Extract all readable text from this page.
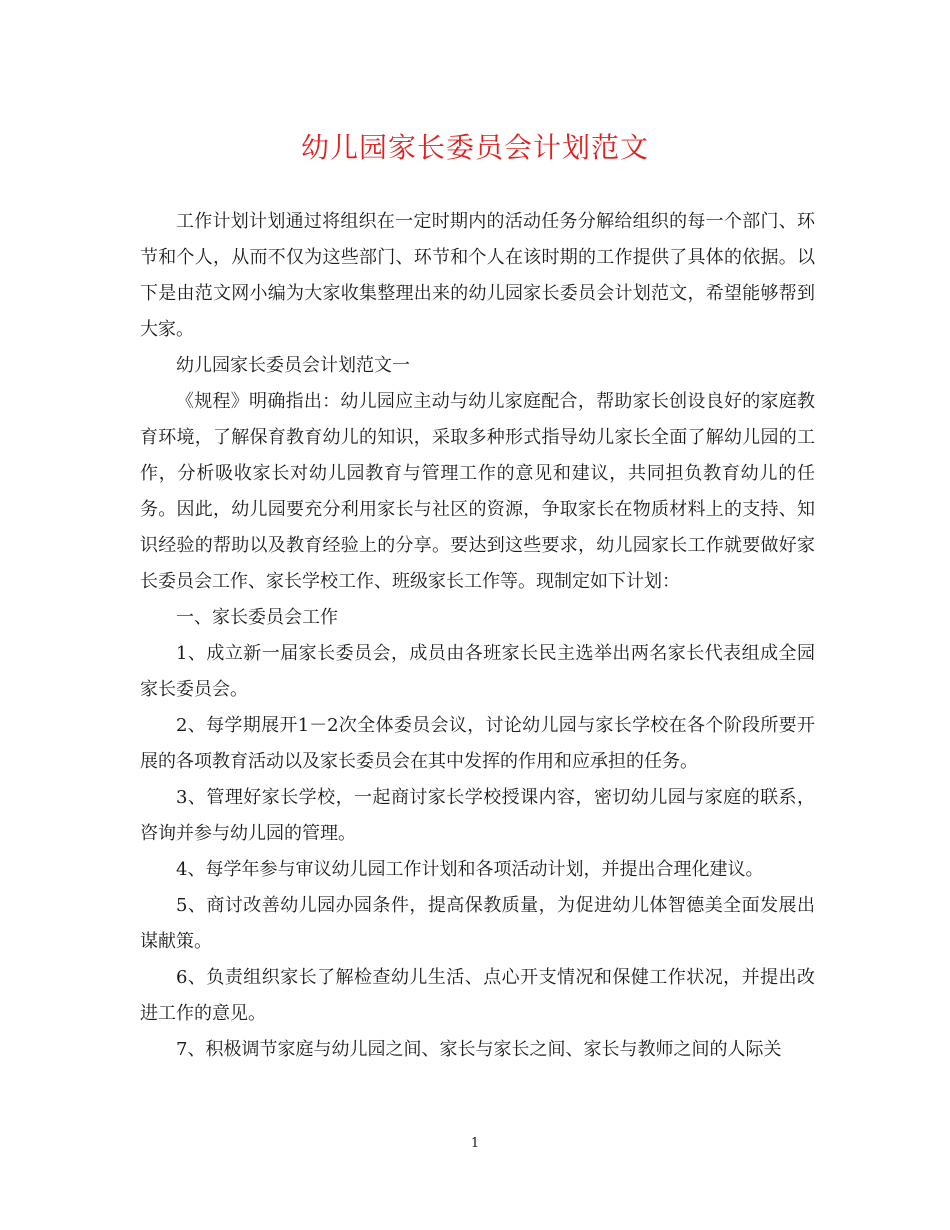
幼儿园家长委员会计划范文

工作计划计划通过将组织在一定时期内的活动任务分解给组织的每一个部门、环节和个人，从而不仅为这些部门、环节和个人在该时期的工作提供了具体的依据。以下是由范文网小编为大家收集整理出来的幼儿园家长委员会计划范文，希望能够帮到大家。

幼儿园家长委员会计划范文一

《规程》明确指出：幼儿园应主动与幼儿家庭配合，帮助家长创设良好的家庭教育环境，了解保育教育幼儿的知识，采取多种形式指导幼儿家长全面了解幼儿园的工作，分析吸收家长对幼儿园教育与管理工作的意见和建议，共同担负教育幼儿的任务。因此，幼儿园要充分利用家长与社区的资源，争取家长在物质材料上的支持、知识经验的帮助以及教育经验上的分享。要达到这些要求，幼儿园家长工作就要做好家长委员会工作、家长学校工作、班级家长工作等。现制定如下计划：

一、家长委员会工作

1、成立新一届家长委员会，成员由各班家长民主选举出两名家长代表组成全园家长委员会。

2、每学期展开1－2次全体委员会议，讨论幼儿园与家长学校在各个阶段所要开展的各项教育活动以及家长委员会在其中发挥的作用和应承担的任务。

3、管理好家长学校，一起商讨家长学校授课内容，密切幼儿园与家庭的联系，咨询并参与幼儿园的管理。

4、每学年参与审议幼儿园工作计划和各项活动计划，并提出合理化建议。

5、商讨改善幼儿园办园条件，提高保教质量，为促进幼儿体智德美全面发展出谋献策。

6、负责组织家长了解检查幼儿生活、点心开支情况和保健工作状况，并提出改进工作的意见。

7、积极调节家庭与幼儿园之间、家长与家长之间、家长与教师之间的人际关

1
